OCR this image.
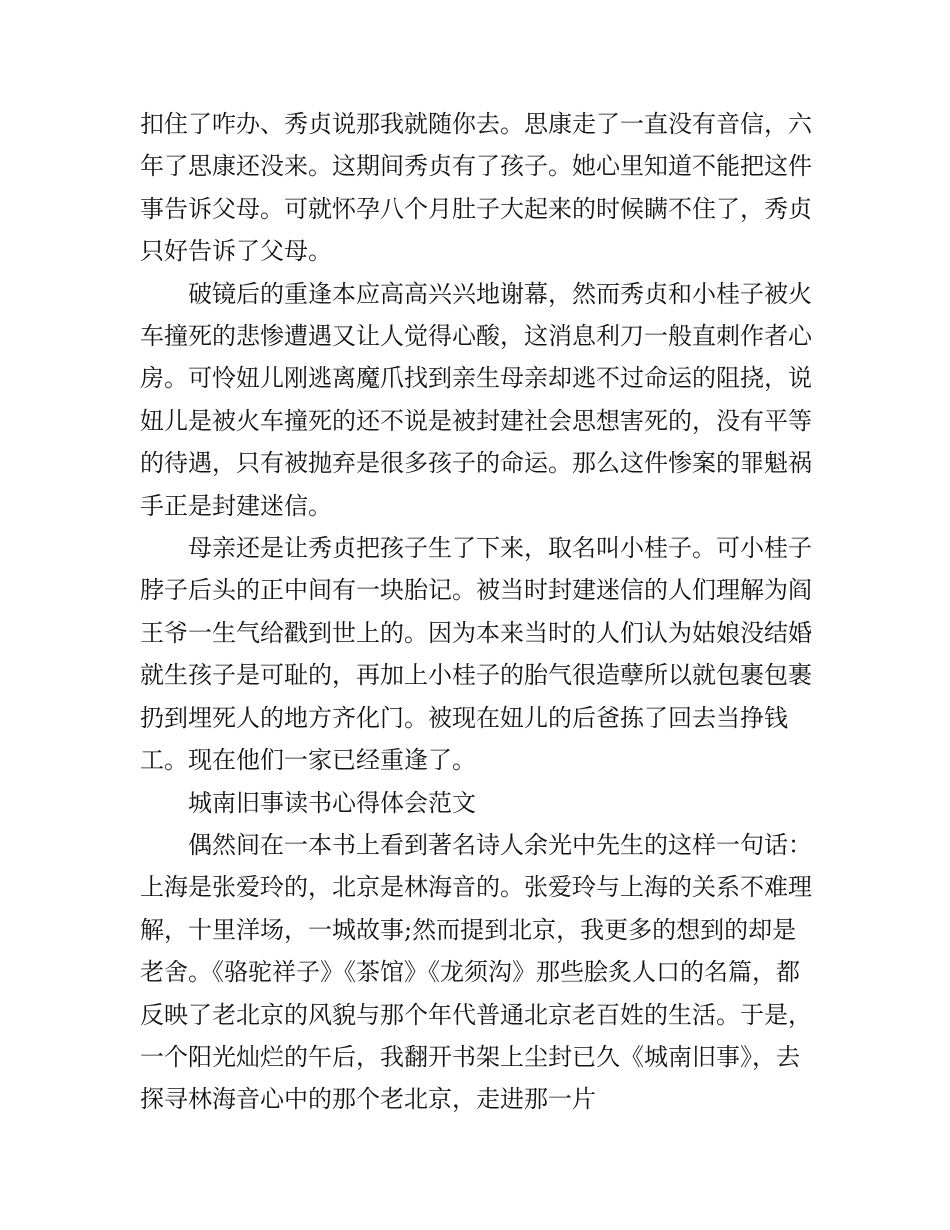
扣住了咋办、秀贞说那我就随你去。思康走了一直没有音信，六年了思康还没来。这期间秀贞有了孩子。她心里知道不能把这件事告诉父母。可就怀孕八个月肚子大起来的时候瞒不住了，秀贞只好告诉了父母。

破镜后的重逢本应高高兴兴地谢幕，然而秀贞和小桂子被火车撞死的悲惨遭遇又让人觉得心酸，这消息利刀一般直刺作者心房。可怜妞儿刚逃离魔爪找到亲生母亲却逃不过命运的阻挠，说妞儿是被火车撞死的还不说是被封建社会思想害死的，没有平等的待遇，只有被抛弃是很多孩子的命运。那么这件惨案的罪魁祸手正是封建迷信。

母亲还是让秀贞把孩子生了下来，取名叫小桂子。可小桂子脖子后头的正中间有一块胎记。被当时封建迷信的人们理解为阎王爷一生气给戳到世上的。因为本来当时的人们认为姑娘没结婚就生孩子是可耻的，再加上小桂子的胎气很造孽所以就包裹包裹扔到埋死人的地方齐化门。被现在妞儿的后爸拣了回去当挣钱工。现在他们一家已经重逢了。

城南旧事读书心得体会范文

偶然间在一本书上看到著名诗人余光中先生的这样一句话：上海是张爱玲的，北京是林海音的。张爱玲与上海的关系不难理解，十里洋场，一城故事;然而提到北京，我更多的想到的却是老舍。《骆驼祥子》《茶馆》《龙须沟》那些脍炙人口的名篇，都反映了老北京的风貌与那个年代普通北京老百姓的生活。于是，一个阳光灿烂的午后，我翻开书架上尘封已久《城南旧事》，去探寻林海音心中的那个老北京，走进那一片
